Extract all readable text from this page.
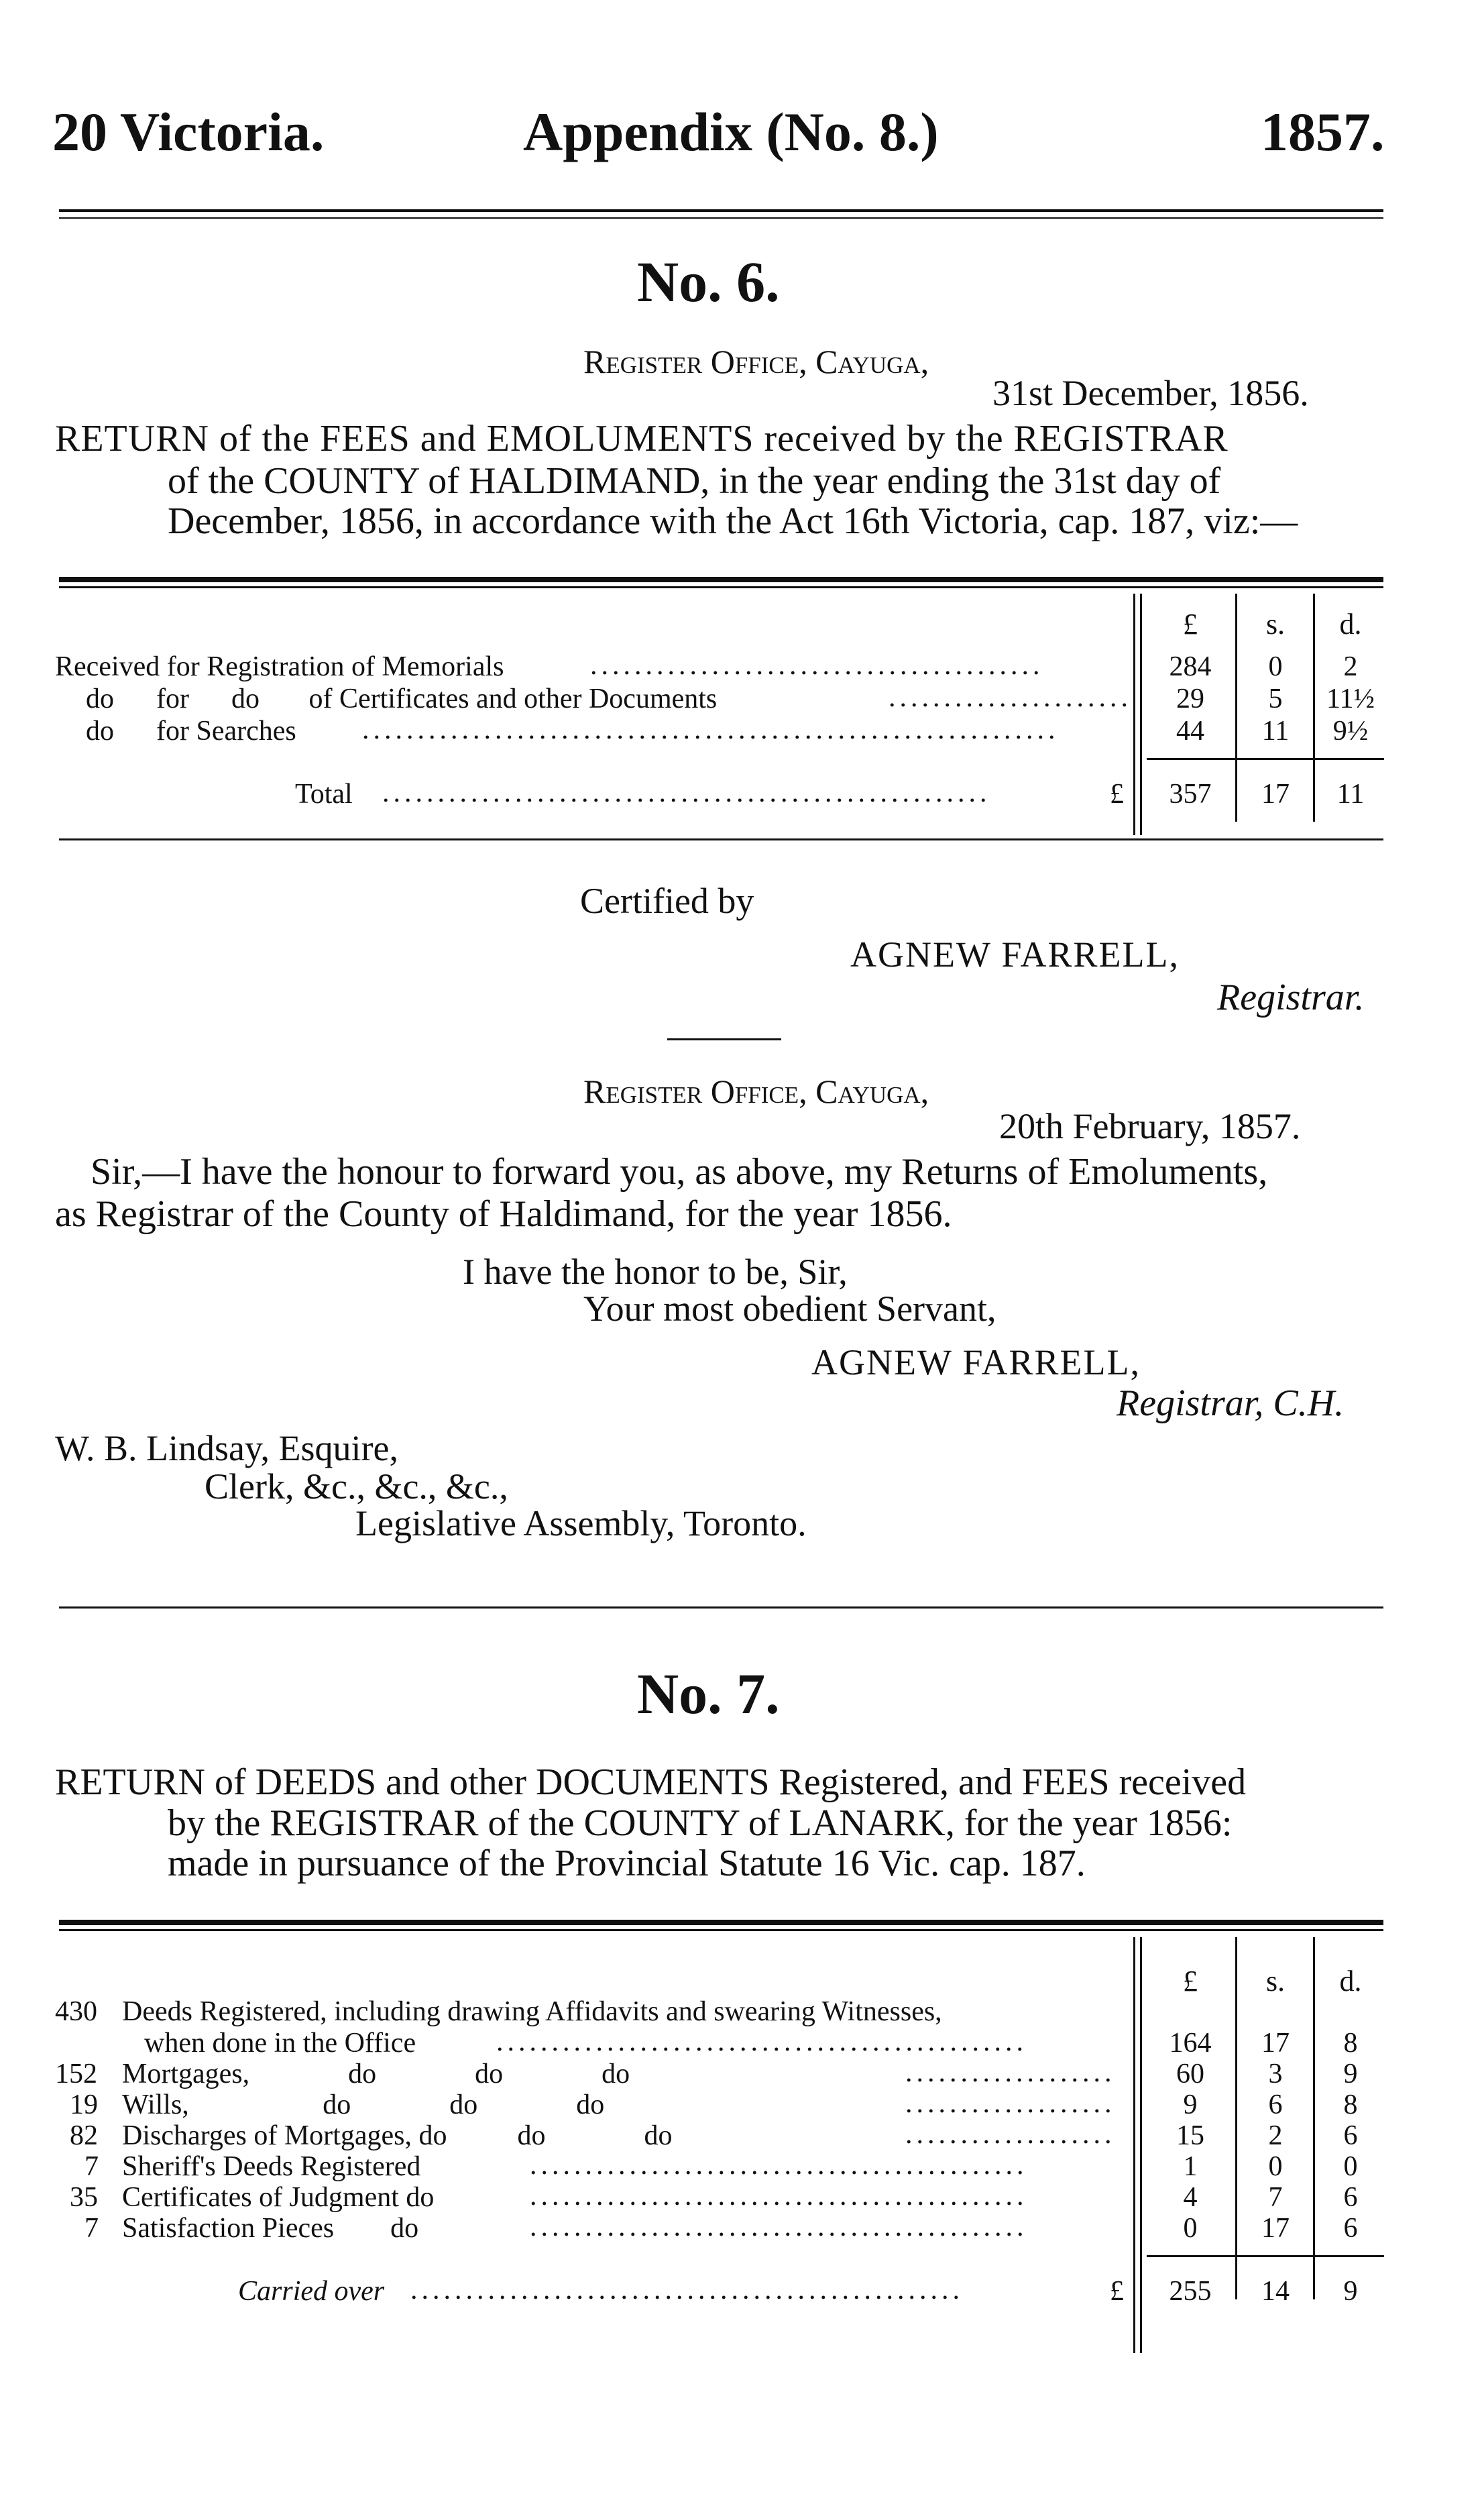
20 Victoria.	Appendix (No. 8.)	1857.
No. 6.
Register Office, Cayuga,
31st December, 1856.
RETURN of the FEES and EMOLUMENTS received by the REGISTRAR
of the COUNTY of HALDIMAND, in the year ending the 31st day of
December, 1856, in accordance with the Act 16th Victoria, cap. 187, viz:—
£	s.	d.
Received for Registration of Memorials	.........................................	284	0	2
do      for      do       of Certificates and other Documents	......................	29	5	11½
do      for Searches ...............................................................	44	11	9½
Total .......................................................	£	357	17	11
Certified by
AGNEW FARRELL,
Registrar.
Register Office, Cayuga,
20th February, 1857.
Sir,—I have the honour to forward you, as above, my Returns of Emoluments,
as Registrar of the County of Haldimand, for the year 1856.
I have the honor to be, Sir,
Your most obedient Servant,
AGNEW FARRELL,
Registrar, C.H.
W. B. Lindsay, Esquire,
Clerk, &c., &c., &c.,
Legislative Assembly, Toronto.
No. 7.
RETURN of DEEDS and other DOCUMENTS Registered, and FEES received
by the REGISTRAR of the COUNTY of LANARK, for the year 1856:
made in pursuance of the Provincial Statute 16 Vic. cap. 187.
£	s.	d.
430 Deeds Registered, including drawing Affidavits and swearing Witnesses,
when done in the Office	................................................	164	17	8
152 Mortgages,              do              do              do	...................	60	3	9
19 Wills,                   do              do              do	...................	9	6	8
82 Discharges of Mortgages, do          do              do	...................	15	2	6
7 Sheriff's Deeds Registered	.............................................	1	0	0
35 Certificates of Judgment do	.............................................	4	7	6
7 Satisfaction Pieces        do	.............................................	0	17	6
Carried over ..................................................	£	255	14	9
